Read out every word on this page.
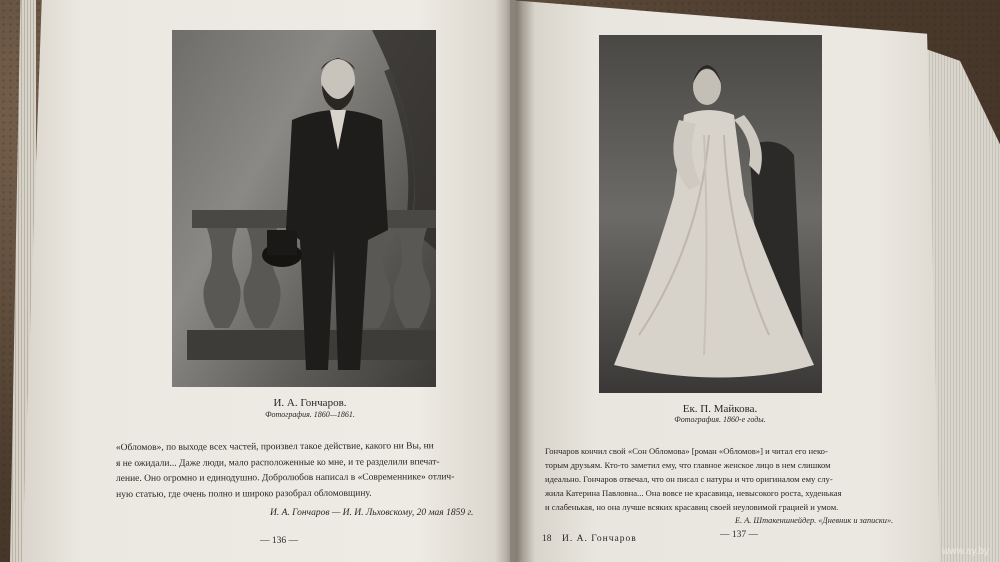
И. А. Гончаров.
Фотография. 1860—1861.
«Обломов», по выходе всех частей, произвел такое действие, какого ни Вы, ни
я не ожидали... Даже люди, мало расположенные ко мне, и те разделили впечат-
ление. Оно огромно и единодушно. Добролюбов написал в «Современнике» отлич-
ную статью, где очень полно и широко разобрал обломовщину.
И. А. Гончаров — И. И. Льховскому, 20 мая 1859 г.
— 136 —
Ек. П. Майкова.
Фотография. 1860-е годы.
Гончаров кончил свой «Сон Обломова» [роман «Обломов»] и читал его неко-
торым друзьям. Кто-то заметил ему, что главное женское лицо в нем слишком
идеально. Гончаров отвечал, что он писал с натуры и что оригиналом ему слу-
жила Катерина Павловна... Она вовсе не красавица, невысокого роста, худенькая
и слабенькая, но она лучше всяких красавиц своей неуловимой грацией и умом.
Е. А. Штакеншнейдер. «Дневник и записки».
18 И. А. Гончаров	— 137 —
www.ay.by
